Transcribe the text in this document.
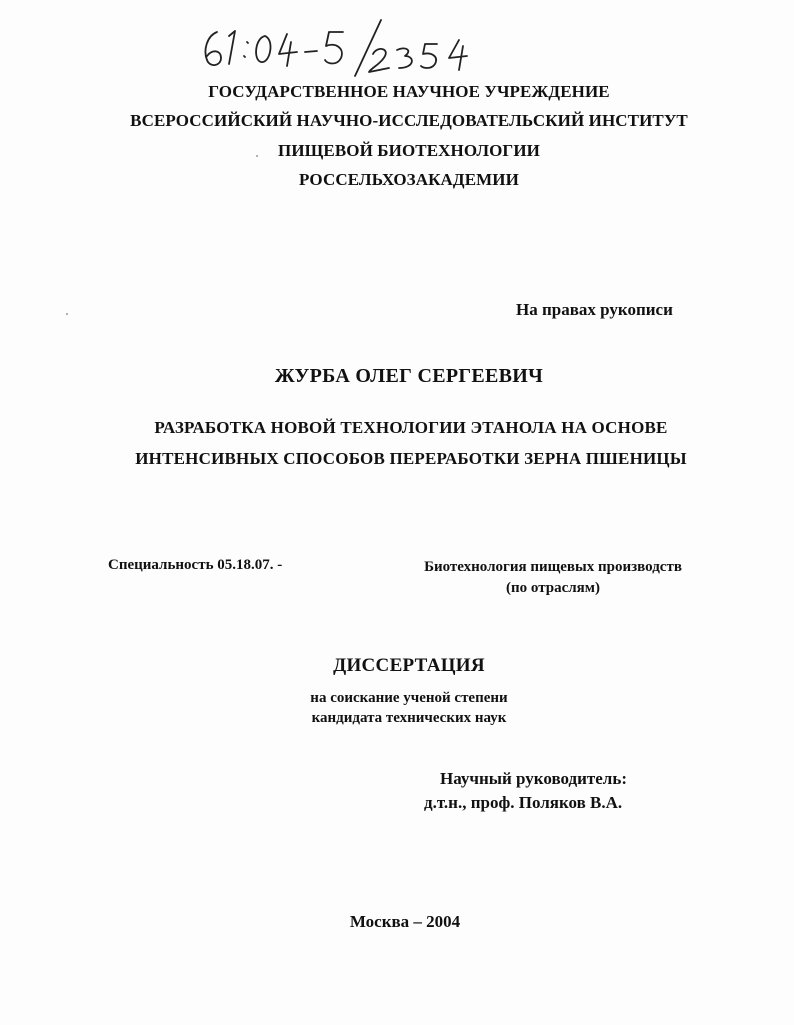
ГОСУДАРСТВЕННОЕ НАУЧНОЕ УЧРЕЖДЕНИЕ
ВСЕРОССИЙСКИЙ НАУЧНО-ИССЛЕДОВАТЕЛЬСКИЙ ИНСТИТУТ
ПИЩЕВОЙ БИОТЕХНОЛОГИИ
РОССЕЛЬХОЗАКАДЕМИИ
На правах рукописи
ЖУРБА ОЛЕГ СЕРГЕЕВИЧ
РАЗРАБОТКА НОВОЙ ТЕХНОЛОГИИ ЭТАНОЛА НА ОСНОВЕ
ИНТЕНСИВНЫХ СПОСОБОВ ПЕРЕРАБОТКИ ЗЕРНА ПШЕНИЦЫ
Специальность 05.18.07. -	Биотехнология пищевых производств
(по отраслям)
ДИССЕРТАЦИЯ
на соискание ученой степени
кандидата технических наук
Научный руководитель:
д.т.н., проф. Поляков В.А.
Москва – 2004
